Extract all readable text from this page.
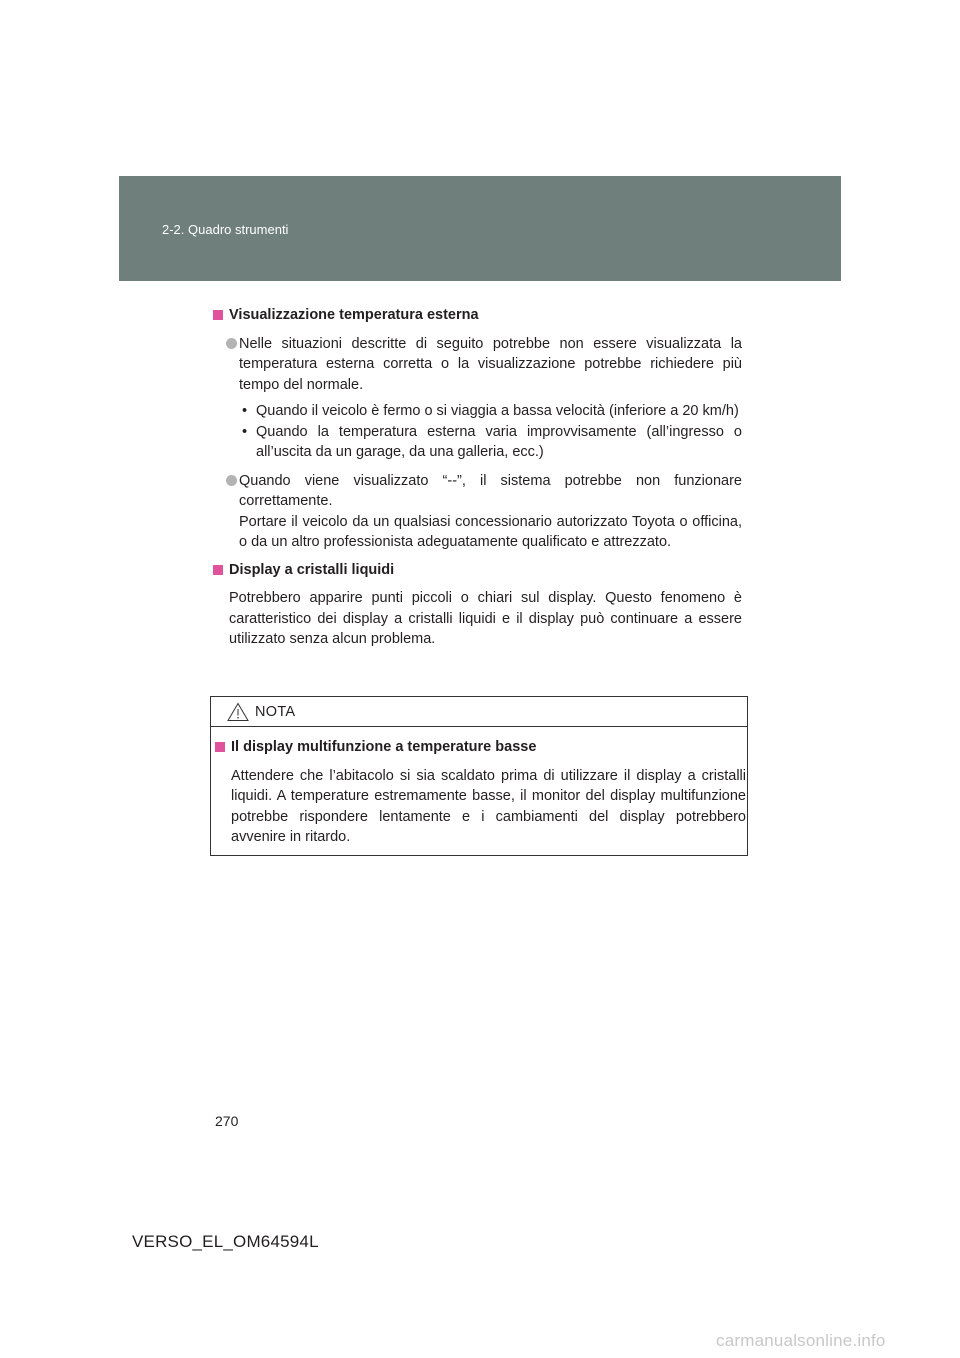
2-2. Quadro strumenti
Visualizzazione temperatura esterna
Nelle situazioni descritte di seguito potrebbe non essere visualizzata la temperatura esterna corretta o la visualizzazione potrebbe richiedere più tempo del normale.
• Quando il veicolo è fermo o si viaggia a bassa velocità (inferiore a 20 km/h)
• Quando la temperatura esterna varia improvvisamente (all’ingresso o all’uscita da un garage, da una galleria, ecc.)
Quando viene visualizzato “--”, il sistema potrebbe non funzionare correttamente.
Portare il veicolo da un qualsiasi concessionario autorizzato Toyota o officina, o da un altro professionista adeguatamente qualificato e attrezzato.
Display a cristalli liquidi

Potrebbero apparire punti piccoli o chiari sul display. Questo fenomeno è caratteristico dei display a cristalli liquidi e il display può continuare a essere utilizzato senza alcun problema.

NOTA
Il display multifunzione a temperature basse

Attendere che l’abitacolo si sia scaldato prima di utilizzare il display a cristalli liquidi. A temperature estremamente basse, il monitor del display multifunzione potrebbe rispondere lentamente e i cambiamenti del display potrebbero avvenire in ritardo.

270
VERSO_EL_OM64594L
carmanualsonline.info
